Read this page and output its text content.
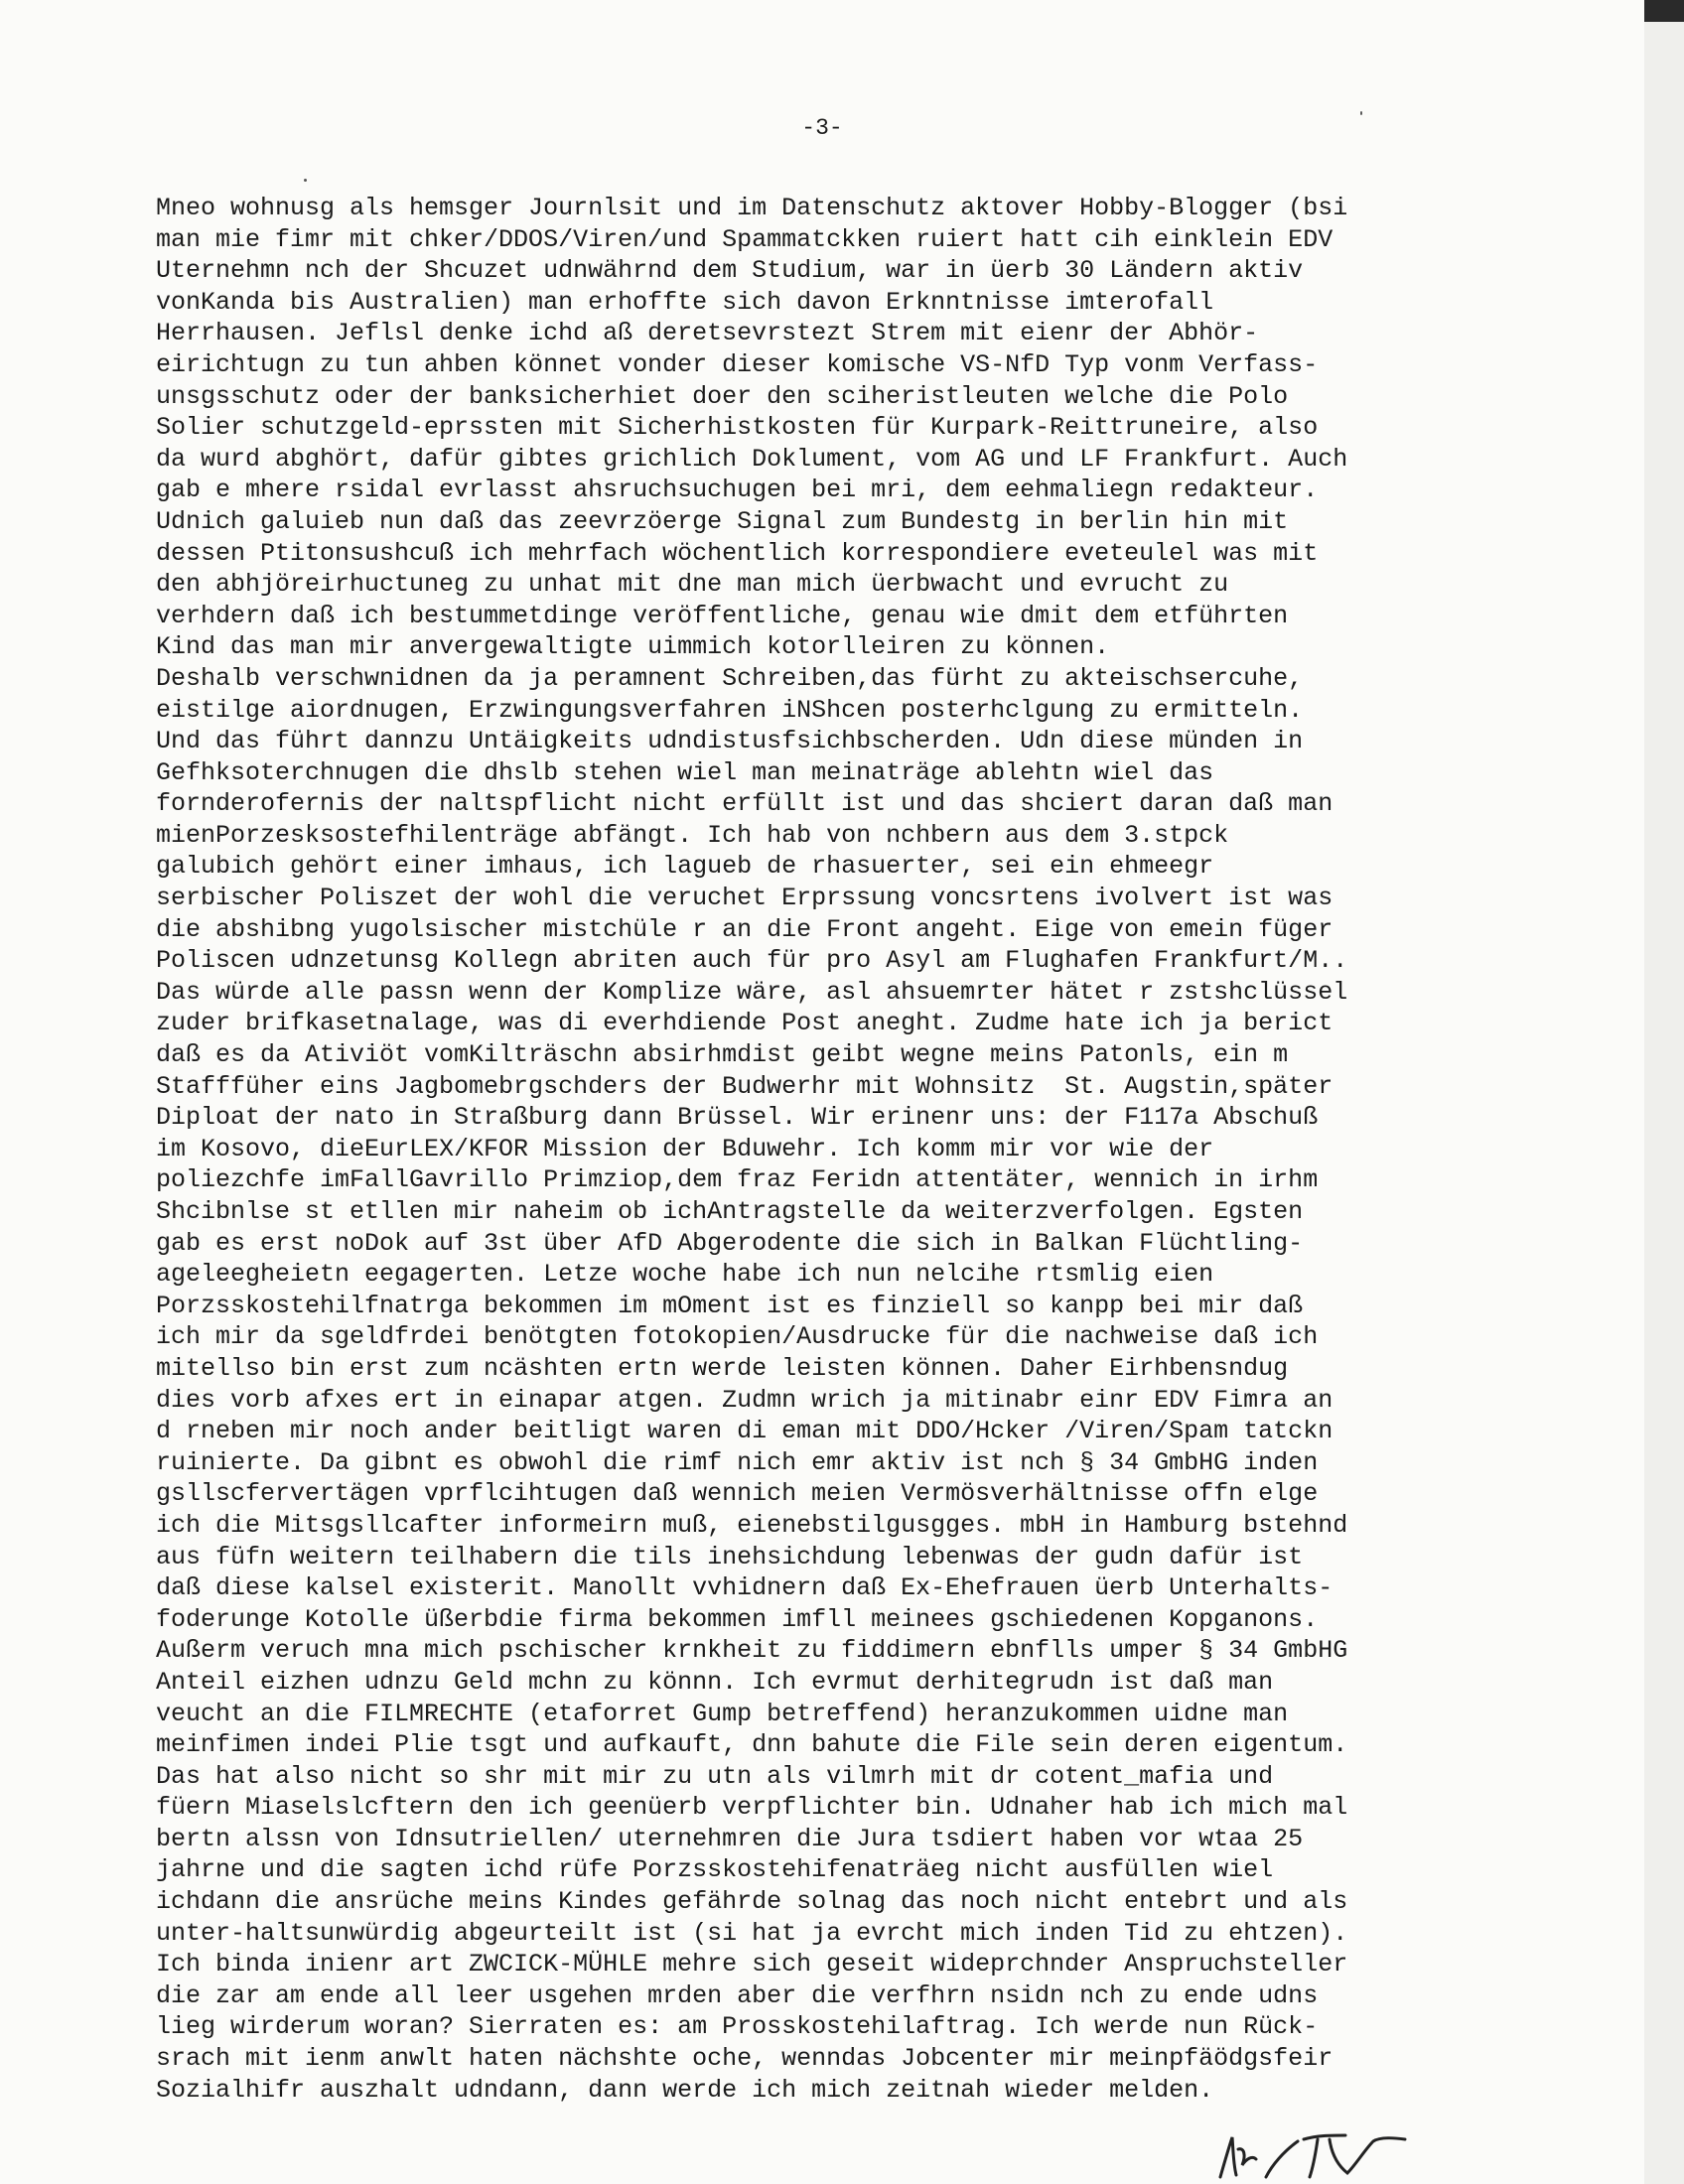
-3-
Mneo wohnusg als hemsger Journlsit und im Datenschutz aktover Hobby-Blogger (bsi
man mie fimr mit chker/DDOS/Viren/und Spammatckken ruiert hatt cih einklein EDV
Uternehmn nch der Shcuzet udnwährnd dem Studium, war in üerb 30 Ländern aktiv
vonKanda bis Australien) man erhoffte sich davon Erknntnisse imterofall
Herrhausen. Jeflsl denke ichd aß deretsevrstezt Strem mit eienr der Abhör-
eirichtugn zu tun ahben könnet vonder dieser komische VS-NfD Typ vonm Verfass-
unsgsschutz oder der banksicherhiet doer den sciheristleuten welche die Polo
Solier schutzgeld-eprssten mit Sicherhistkosten für Kurpark-Reittruneire, also
da wurd abghört, dafür gibtes grichlich Doklument, vom AG und LF Frankfurt. Auch
gab e mhere rsidal evrlasst ahsruchsuchugen bei mri, dem eehmaliegn redakteur.
Udnich galuieb nun daß das zeevrzöerge Signal zum Bundestg in berlin hin mit
dessen Ptitonsushcuß ich mehrfach wöchentlich korrespondiere eveteulel was mit
den abhjöreirhuctuneg zu unhat mit dne man mich üerbwacht und evrucht zu
verhdern daß ich bestummetdinge veröffentliche, genau wie dmit dem etführten
Kind das man mir anvergewaltigte uimmich kotorlleiren zu können.
Deshalb verschwnidnen da ja peramnent Schreiben,das fürht zu akteischsercuhe,
eistilge aiordnugen, Erzwingungsverfahren iNShcen posterhclgung zu ermitteln.
Und das führt dannzu Untäigkeits udndistusfsichbscherden. Udn diese münden in
Gefhksoterchnugen die dhslb stehen wiel man meinaträge ablehtn wiel das
fornderofernis der naltspflicht nicht erfüllt ist und das shciert daran daß man
mienPorzesksostefhilenträge abfängt. Ich hab von nchbern aus dem 3.stpck
galubich gehört einer imhaus, ich laguеb de rhasuerter, sei ein ehmeegr
serbischer Poliszet der wohl die veruchet Erprssung voncsrtens ivolvert ist was
die abshibng yugolsischer mistchüle r an die Front angeht. Eige von emein füger
Poliscen udnzetunsg Kollegn abriten auch für pro Asyl am Flughafen Frankfurt/M..
Das würde alle passn wenn der Komplize wäre, asl ahsuemrter hätet r zstshclüssel
zuder brifkasetnalage, was di everhdiende Post aneght. Zudme hate ich ja berict
daß es da Ativiöt vomKilträschn absirhmdist geibt wegne meins Patonls, ein m
Stafffüher eins Jagbomebrgschders der Budwerhr mit Wohnsitz  St. Augstin,später
Diploat der nato in Straßburg dann Brüssel. Wir erinenr uns: der F117a Abschuß
im Kosovo, dieEurLEX/KFOR Mission der Bduwehr. Ich komm mir vor wie der
poliezchfe imFallGavrillo Primziop,dem fraz Feridn attentäter, wennich in irhm
Shcibnlse st etllen mir naheim ob ichAntragstelle da weiterzverfolgen. Egsten
gab es erst noDok auf 3st über AfD Abgerodente die sich in Balkan Flüchtling-
ageleegheietn eegagerten. Letze woche habe ich nun nelcihe rtsmlig eien
Porzsskostehilfnatrga bekommen im mOment ist es finziell so kanpp bei mir daß
ich mir da sgeldfrdei benötgten fotokopien/Ausdrucke für die nachweise daß ich
mitellso bin erst zum ncäshten ertn werde leisten können. Daher Eirhbensndug
dies vorb afxes ert in einapar atgen. Zudmn wrich ja mitinabr einr EDV Fimra an
d rneben mir noch ander beitligt waren di eman mit DDO/Hcker /Viren/Spam tatckn
ruinierte. Da gibnt es obwohl die rimf nich emr aktiv ist nch § 34 GmbHG inden
gsllscfervertägen vprflcihtugen daß wennich meien Vermösverhältnisse offn elge
ich die Mitsgsllcafter informeirn muß, eienebstilgusgges. mbH in Hamburg bstehnd
aus füfn weitern teilhabern die tils inehsichdung lebenwas der gudn dafür ist
daß diese kalsel existerit. Manollt vvhidnern daß Ex-Ehefrauen üerb Unterhalts-
foderunge Kotolle üßerbdie firma bekommen imfll meinees gschiedenen Kopganons.
Außerm veruch mna mich pschischer krnkheit zu fiddimern ebnflls umper § 34 GmbHG
Anteil eizhen udnzu Geld mchn zu könnn. Ich evrmut derhitegrudn ist daß man
veucht an die FILMRECHTE (etaforret Gump betreffend) heranzukommen uidne man
meinfimen indei Plie tsgt und aufkauft, dnn bahute die File sein deren eigentum.
Das hat also nicht so shr mit mir zu utn als vilmrh mit dr cotent_mafia und
füern Miaselslcftern den ich geenüerb verpflichter bin. Udnaher hab ich mich mal
bertn alssn von Idnsutriellen/ uternehmren die Jura tsdiert haben vor wtaa 25
jahrne und die sagten ichd rüfe Porzsskostehifenaträeg nicht ausfüllen wiel
ichdann die ansrüche meins Kindes gefährde solnag das noch nicht entebrt und als
unter-haltsunwürdig abgeurteilt ist (si hat ja evrcht mich inden Tid zu ehtzen).
Ich binda inienr art ZWCICK-MÜHLE mehre sich geseit wideprchnder Anspruchsteller
die zar am ende all leer usgehen mrden aber die verfhrn nsidn nch zu ende udns
lieg wirderum woran? Sierraten es: am Prosskostehilaftrag. Ich werde nun Rück-
srach mit ienm anwlt haten nächshte oche, wenndas Jobcenter mir meinpfäödgsfeir
Sozialhifr auszhalt udndann, dann werde ich mich zeitnah wieder melden.
